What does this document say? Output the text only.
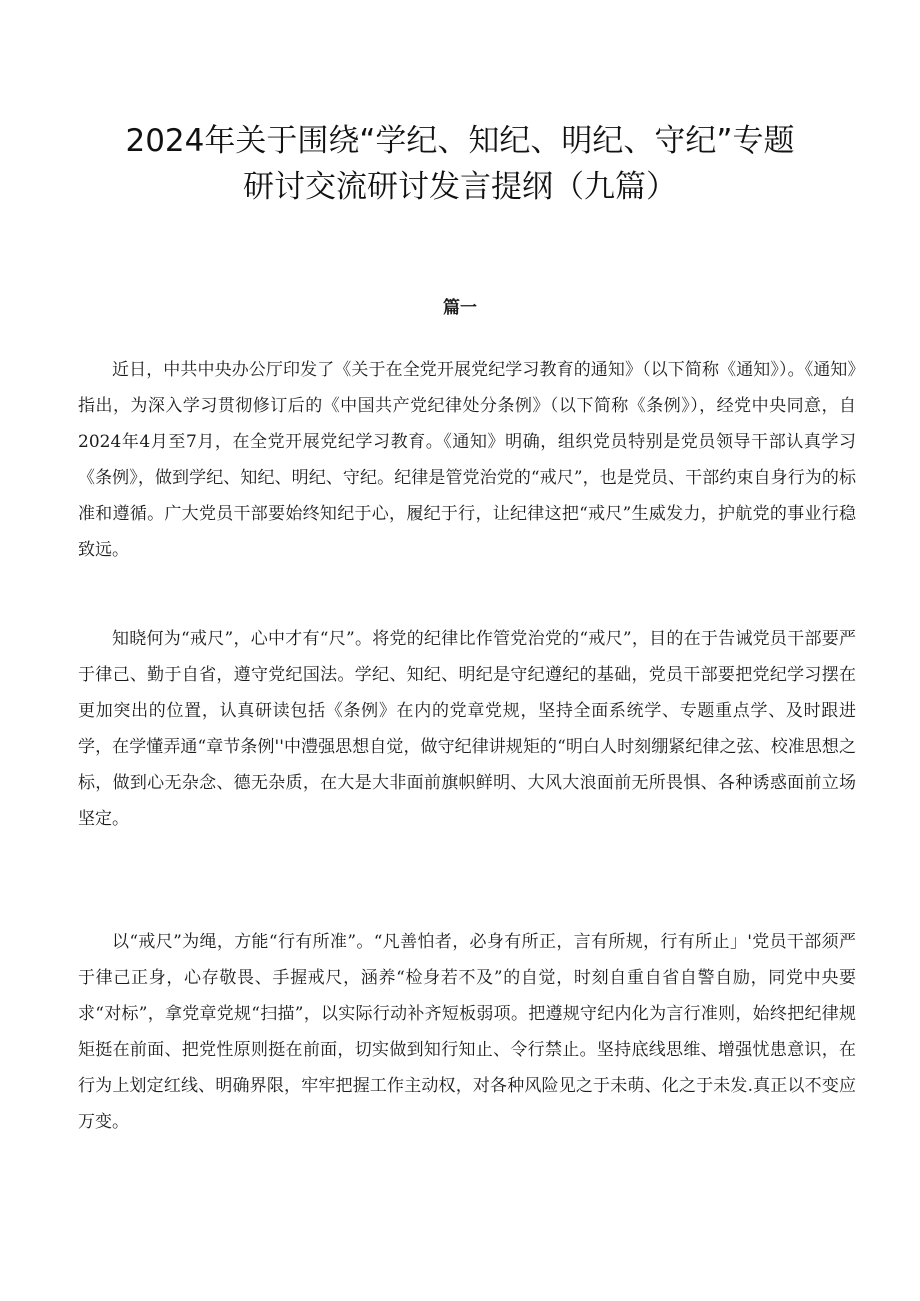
2024年关于围绕“学纪、知纪、明纪、守纪”专题
研讨交流研讨发言提纲（九篇）
篇一

近日，中共中央办公厅印发了《关于在全党开展党纪学习教育的通知》（以下简称《通知》）。《通知》指出，为深入学习贯彻修订后的《中国共产党纪律处分条例》（以下简称《条例》），经党中央同意，自2024年4月至7月，在全党开展党纪学习教育。《通知》明确，组织党员特别是党员领导干部认真学习《条例》，做到学纪、知纪、明纪、守纪。纪律是管党治党的“戒尺”，也是党员、干部约束自身行为的标准和遵循。广大党员干部要始终知纪于心，履纪于行，让纪律这把“戒尺”生威发力，护航党的事业行稳致远。

知晓何为“戒尺”，心中才有“尺”。将党的纪律比作管党治党的“戒尺”，目的在于告诫党员干部要严于律己、勤于自省，遵守党纪国法。学纪、知纪、明纪是守纪遵纪的基础，党员干部要把党纪学习摆在更加突出的位置，认真研读包括《条例》在内的党章党规，坚持全面系统学、专题重点学、及时跟进学，在学懂弄通“章节条例''中澧强思想自觉，做守纪律讲规矩的“明白人时刻绷紧纪律之弦、校准思想之标，做到心无杂念、德无杂质，在大是大非面前旗帜鲜明、大风大浪面前无所畏惧、各种诱惑面前立场坚定。

以“戒尺”为绳，方能“行有所准”。“凡善怕者，必身有所正，言有所规，行有所止」'党员干部须严于律己正身，心存敬畏、手握戒尺，涵养“检身若不及”的自觉，时刻自重自省自警自励，同党中央要求“对标”，拿党章党规“扫描”，以实际行动补齐短板弱项。把遵规守纪内化为言行准则，始终把纪律规矩挺在前面、把党性原则挺在前面，切实做到知行知止、令行禁止。坚持底线思维、增强忧患意识，在行为上划定红线、明确界限，牢牢把握工作主动权，对各种风险见之于未萌、化之于未发.真正以不变应万变。
